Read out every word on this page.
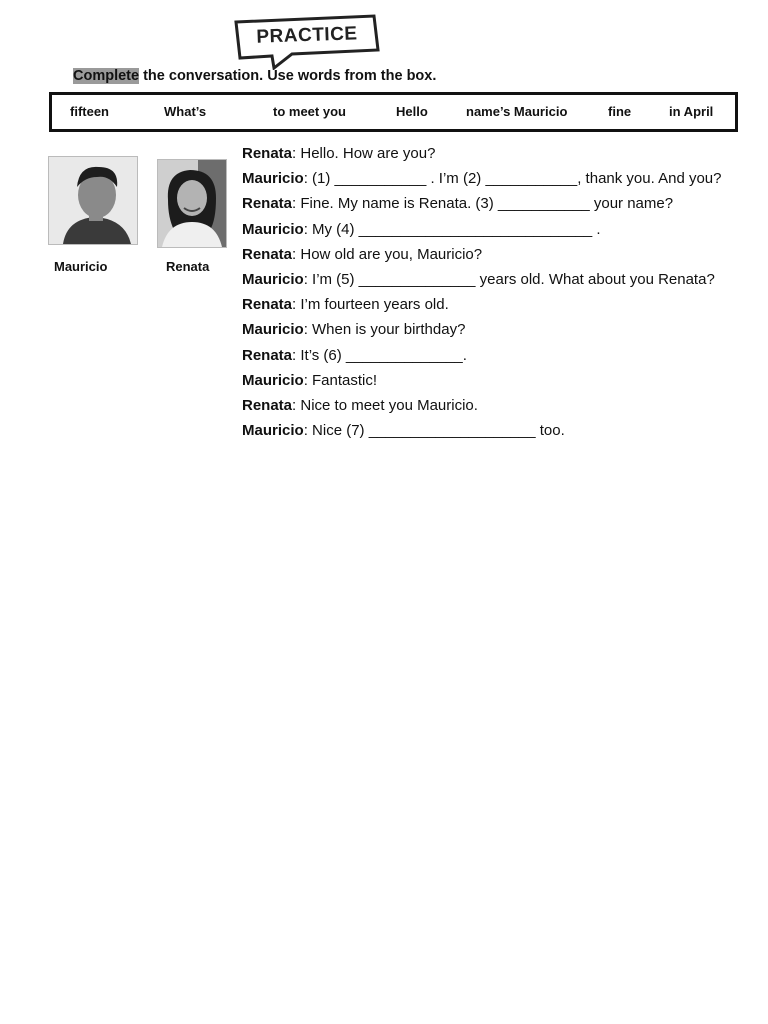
PRACTICE
Complete the conversation. Use words from the box.
fifteen	What’s	to meet you	Hello	name’s Mauricio	fine	in April
Mauricio	Renata
Renata: Hello. How are you?
Mauricio: (1) ___________ . I’m (2) ___________, thank you. And you?
Renata: Fine. My name is Renata. (3) ___________ your name?
Mauricio: My (4) ____________________________ .
Renata: How old are you, Mauricio?
Mauricio: I’m (5) ______________ years old. What about you Renata?
Renata: I’m fourteen years old.
Mauricio: When is your birthday?
Renata: It’s (6) ______________.
Mauricio: Fantastic!
Renata: Nice to meet you Mauricio.
Mauricio: Nice (7) ____________________ too.
